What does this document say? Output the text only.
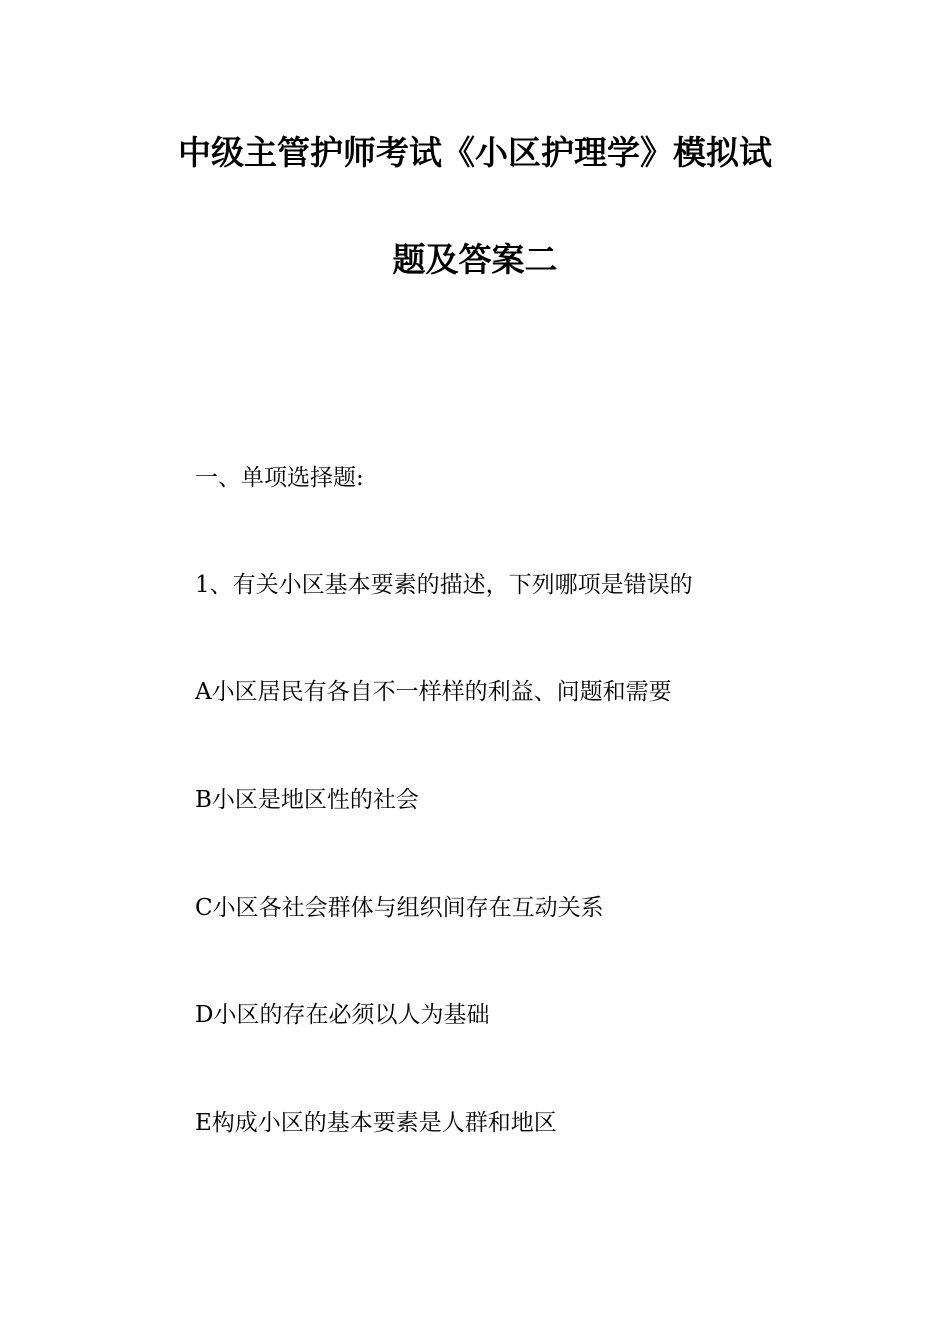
中级主管护师考试《小区护理学》模拟试
题及答案二
一、单项选择题:
1、有关小区基本要素的描述，下列哪项是错误的
A小区居民有各自不一样样的利益、问题和需要
B小区是地区性的社会
C小区各社会群体与组织间存在互动关系
D小区的存在必须以人为基础
E构成小区的基本要素是人群和地区
